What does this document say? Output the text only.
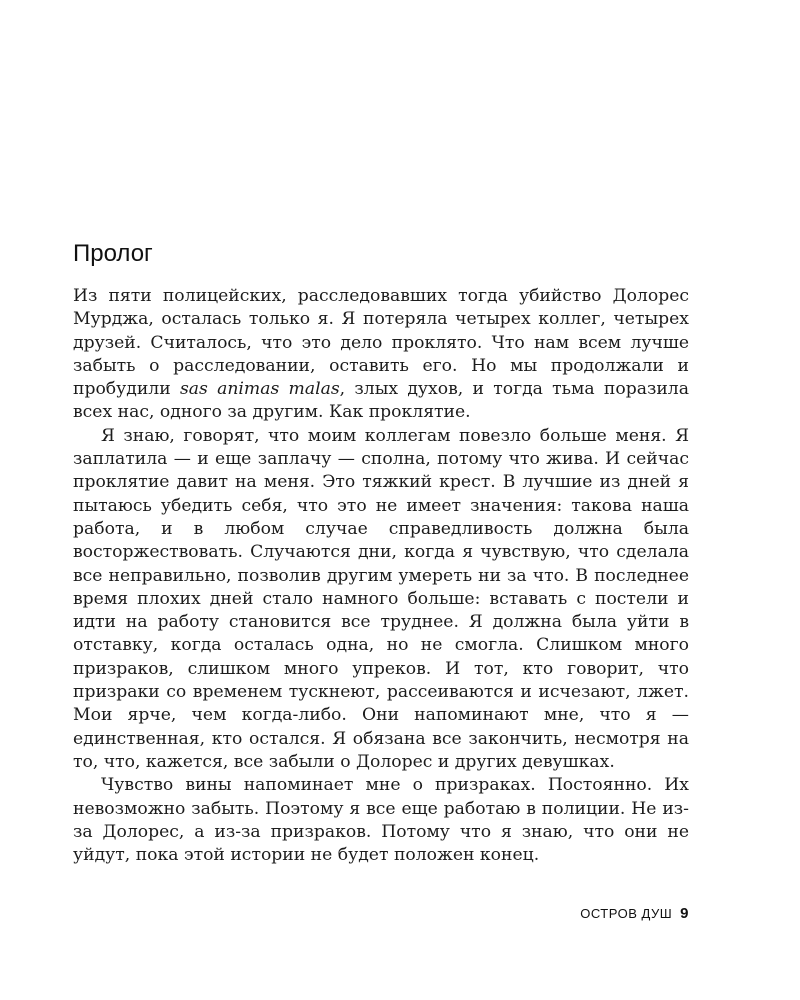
Пролог

Из пяти полицейских, расследовавших тогда убийство Долорес Мурджа, осталась только я. Я потеряла четырех коллег, четырех друзей. Считалось, что это дело проклято. Что нам всем лучше забыть о расследовании, оставить его. Но мы продолжали и пробудили sas animas malas, злых духов, и тогда тьма поразила всех нас, одного за другим. Как проклятие.

Я знаю, говорят, что моим коллегам повезло больше меня. Я заплатила — и еще заплачу — сполна, потому что жива. И сейчас проклятие давит на меня. Это тяжкий крест. В лучшие из дней я пытаюсь убедить себя, что это не имеет значения: такова наша работа, и в любом случае справедливость должна была восторжествовать. Случаются дни, когда я чувствую, что сделала все неправильно, позволив другим умереть ни за что. В последнее время плохих дней стало намного больше: вставать с постели и идти на работу становится все труднее. Я должна была уйти в отставку, когда осталась одна, но не смогла. Слишком много призраков, слишком много упреков. И тот, кто говорит, что призраки со временем тускнеют, рассеиваются и исчезают, лжет. Мои ярче, чем когда-либо. Они напоминают мне, что я — единственная, кто остался. Я обязана все закончить, несмотря на то, что, кажется, все забыли о Долорес и других девушках.

Чувство вины напоминает мне о призраках. Постоянно. Их невозможно забыть. Поэтому я все еще работаю в полиции. Не из-за Долорес, а из-за призраков. Потому что я знаю, что они не уйдут, пока этой истории не будет положен конец.

ОСТРОВ ДУШ 9
